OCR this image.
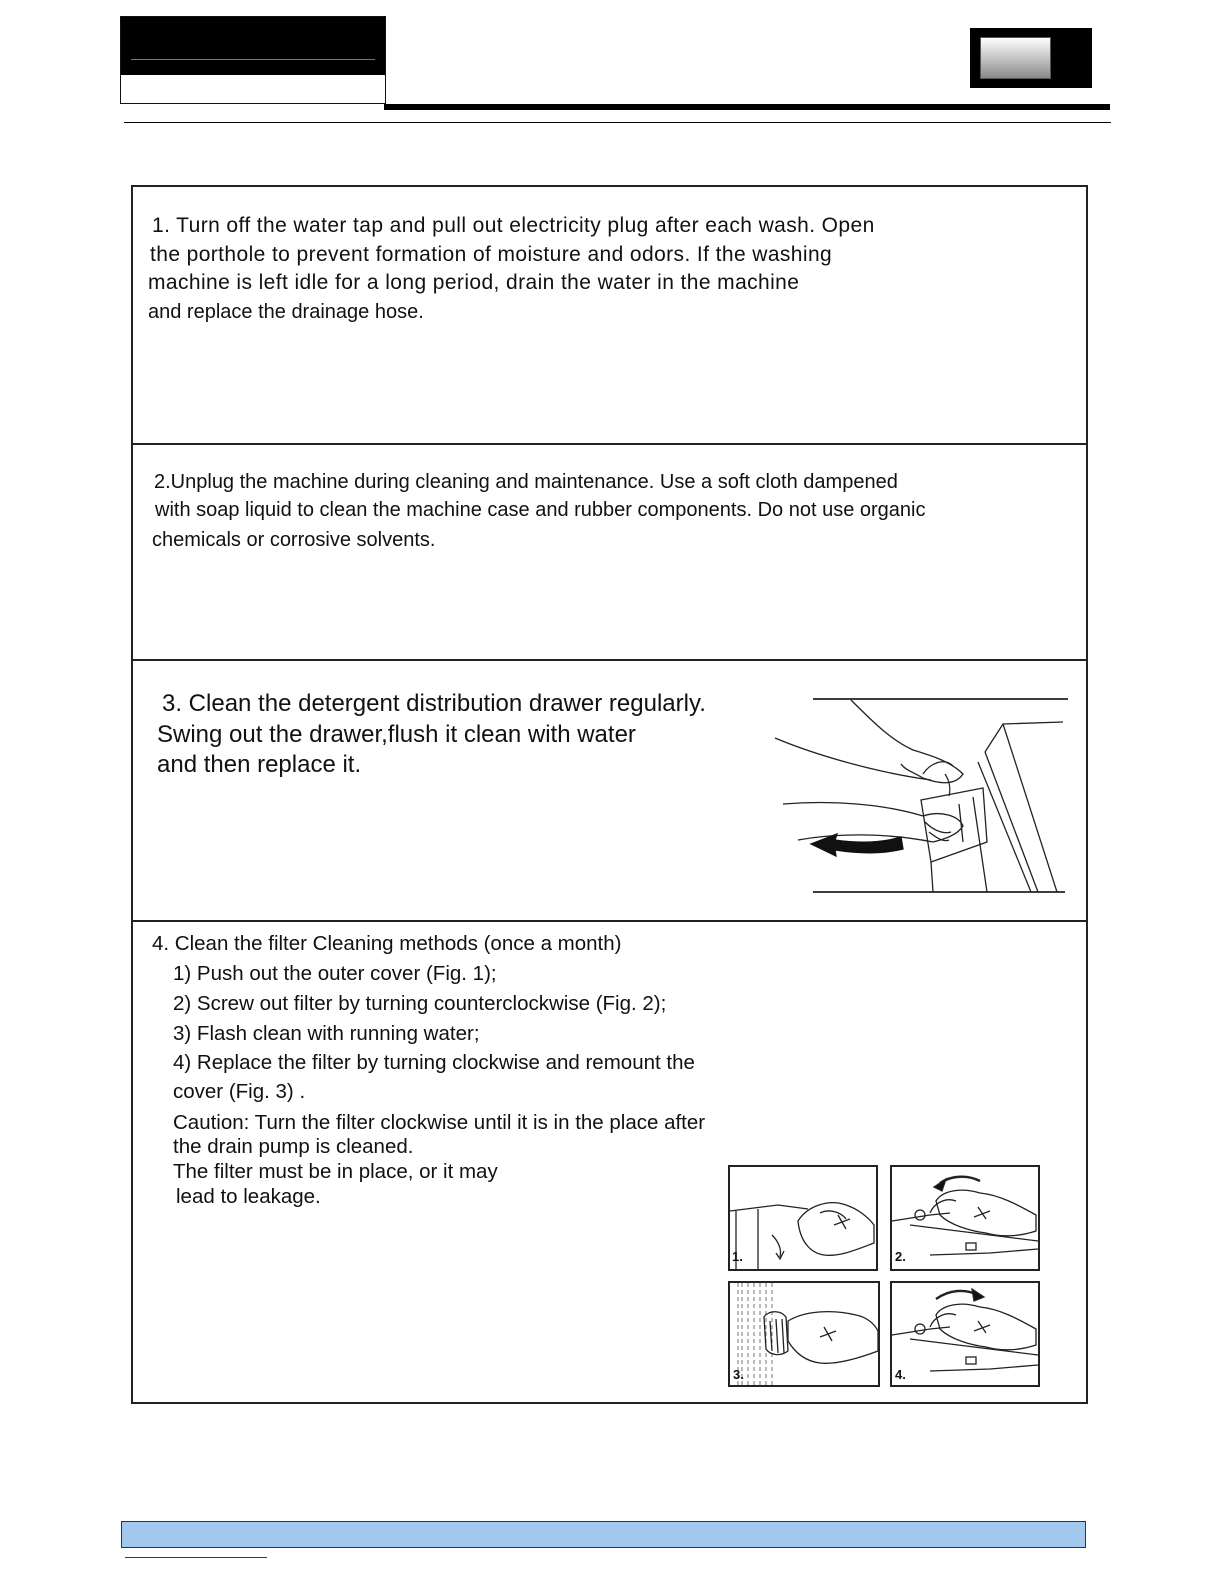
1. Turn off the water tap and pull out electricity plug after each wash. Open
the porthole to prevent formation of moisture and odors. If the washing
machine is left idle for a long period, drain the water in the machine
and replace the drainage hose.
2.Unplug the machine during cleaning and maintenance. Use a soft cloth dampened
with soap liquid to clean the machine case and rubber components. Do not use organic
chemicals or corrosive solvents.
3. Clean the detergent distribution drawer regularly.
Swing out the drawer,flush it clean with water
and then replace it.
4. Clean the filter Cleaning methods (once a month)
1) Push out the outer cover (Fig. 1);
2) Screw out filter by turning counterclockwise (Fig. 2);
3) Flash clean with running water;
4) Replace the filter by turning clockwise and remount the
cover (Fig. 3) .
Caution: Turn the filter clockwise until it is in the place after
the drain pump is cleaned.
The filter must be in place, or it may
lead to leakage.
1.	2.
3.	4.
